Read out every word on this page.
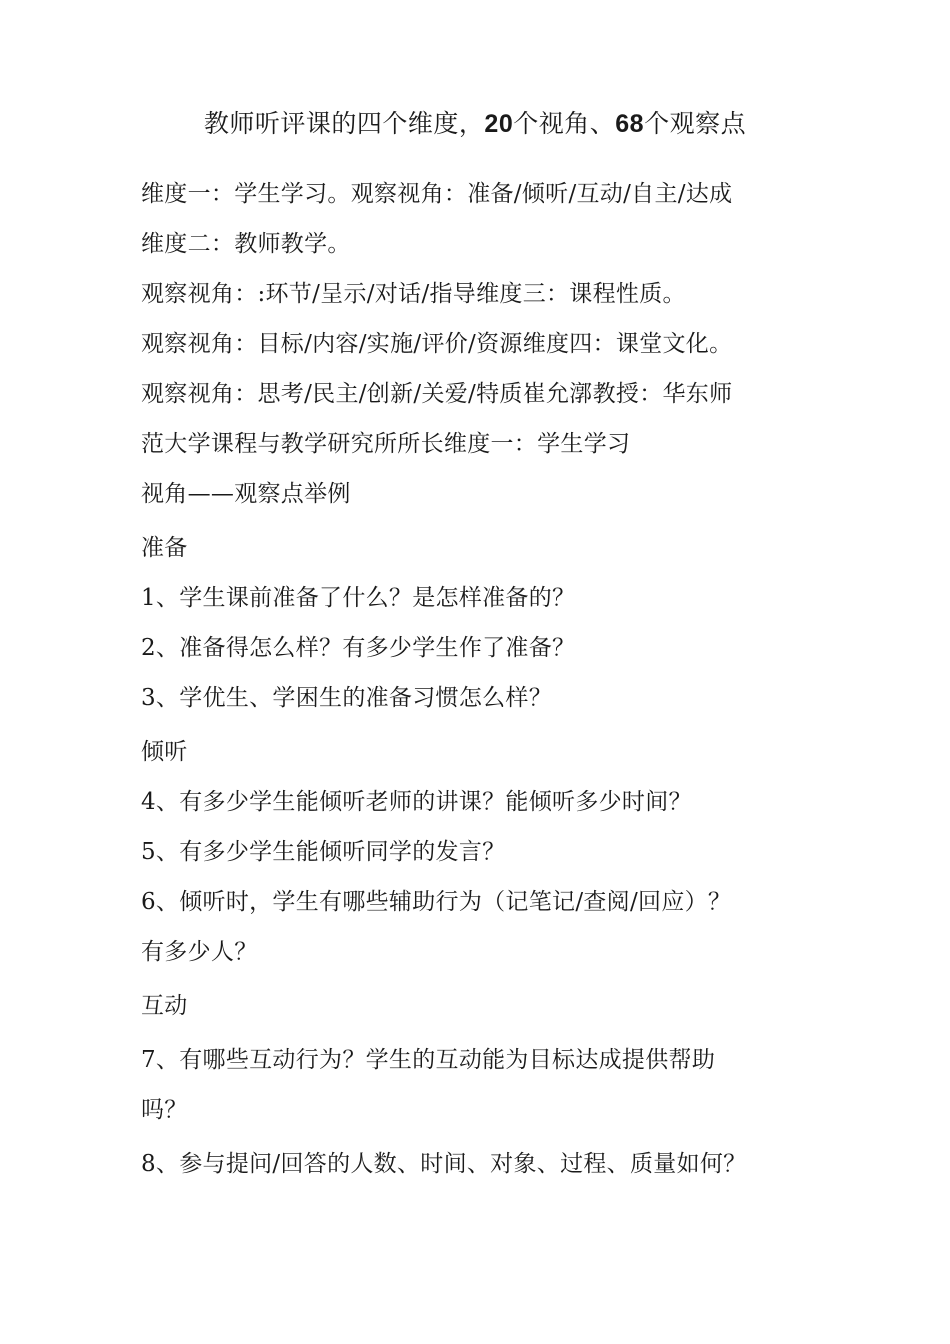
教师听评课的四个维度，20个视角、68个观察点
维度一：学生学习。观察视角：准备/倾听/互动/自主/达成
维度二：教师教学。
观察视角：:环节/呈示/对话/指导维度三：课程性质。
观察视角：目标/内容/实施/评价/资源维度四：课堂文化。
观察视角：思考/民主/创新/关爱/特质崔允漷教授：华东师
范大学课程与教学研究所所长维度一：学生学习
视角——观察点举例
准备
1、学生课前准备了什么？是怎样准备的？
2、准备得怎么样？有多少学生作了准备？
3、学优生、学困生的准备习惯怎么样？
倾听
4、有多少学生能倾听老师的讲课？能倾听多少时间？
5、有多少学生能倾听同学的发言？
6、倾听时，学生有哪些辅助行为（记笔记/查阅/回应）？
有多少人？
互动
7、有哪些互动行为？学生的互动能为目标达成提供帮助
吗？
8、参与提问/回答的人数、时间、对象、过程、质量如何？
